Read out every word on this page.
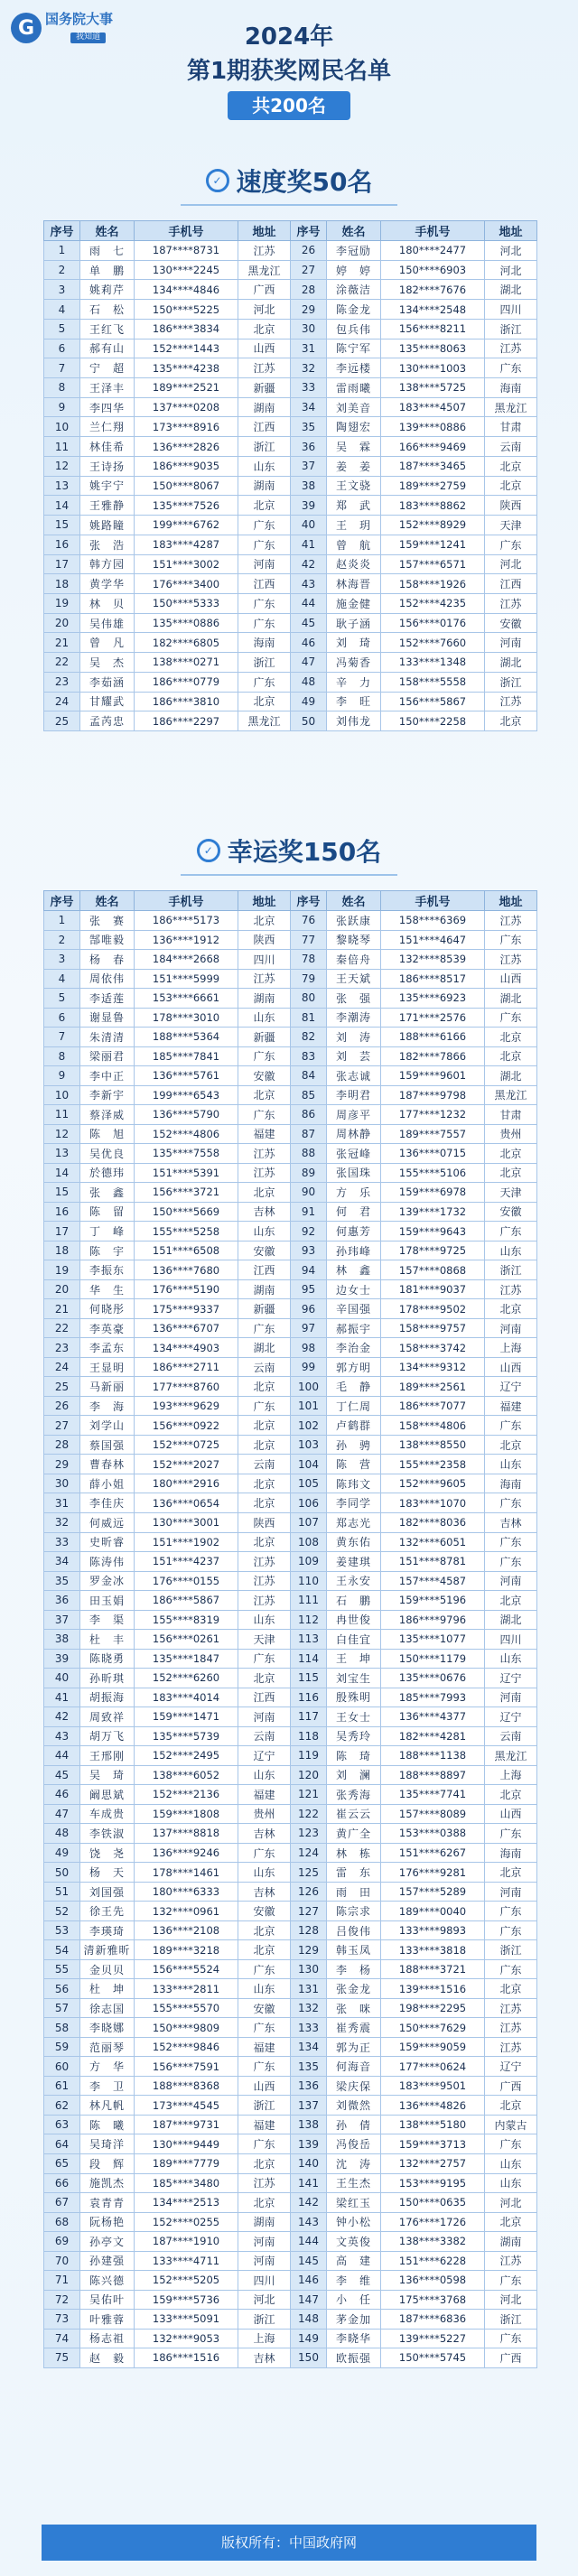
G 国务院大事
我知道	2024年
第1期获奖网民名单
共200名
✓ 速度奖50名
序号	姓名	手机号	地址	序号	姓名	手机号	地址
1	雨　七	187****8731	江苏	26	李冠励	180****2477	河北
2	单　鹏	130****2245	黑龙江	27	婷　婷	150****6903	河北
3	姚莉芹	134****4846	广西	28	涂薇洁	182****7676	湖北
4	石　松	150****5225	河北	29	陈金龙	134****2548	四川
5	王红飞	186****3834	北京	30	包兵伟	156****8211	浙江
6	郝有山	152****1443	山西	31	陈宁军	135****8063	江苏
7	宁　超	135****4238	江苏	32	李远楼	130****1003	广东
8	王泽丰	189****2521	新疆	33	雷雨曦	138****5725	海南
9	李四华	137****0208	湖南	34	刘美音	183****4507	黑龙江
10	兰仁翔	173****8916	江西	35	陶翅宏	139****0886	甘肃
11	林佳希	136****2826	浙江	36	吴　霖	166****9469	云南
12	王诗扬	186****9035	山东	37	姜　姜	187****3465	北京
13	姚宇宁	150****8067	湖南	38	王文骁	189****2759	北京
14	王雅静	135****7526	北京	39	郑　武	183****8862	陕西
15	姚路瞳	199****6762	广东	40	王　玥	152****8929	天津
16	张　浩	183****4287	广东	41	曾　航	159****1241	广东
17	韩方园	151****3002	河南	42	赵炎炎	157****6571	河北
18	黄学华	176****3400	江西	43	林海晋	158****1926	江西
19	林　贝	150****5333	广东	44	施金健	152****4235	江苏
20	吴伟雄	135****0886	广东	45	耿子涵	156****0176	安徽
21	曾　凡	182****6805	海南	46	刘　琦	152****7660	河南
22	吴　杰	138****0271	浙江	47	冯菊香	133****1348	湖北
23	李茹涵	186****0779	广东	48	辛　力	158****5558	浙江
24	甘耀武	186****3810	北京	49	李　旺	156****5867	江苏
25	孟芮忠	186****2297	黑龙江	50	刘伟龙	150****2258	北京
✓ 幸运奖150名
序号	姓名	手机号	地址	序号	姓名	手机号	地址
1	张　赛	186****5173	北京	76	张跃康	158****6369	江苏
2	郜唯毅	136****1912	陕西	77	黎晓琴	151****4647	广东
3	杨　春	184****2668	四川	78	秦倍舟	132****8539	江苏
4	周依伟	151****5999	江苏	79	王天斌	186****8517	山西
5	李适莲	153****6661	湖南	80	张　强	135****6923	湖北
6	谢显鲁	178****3010	山东	81	李潮涛	171****2576	广东
7	朱清清	188****5364	新疆	82	刘　涛	188****6166	北京
8	梁丽君	185****7841	广东	83	刘　芸	182****7866	北京
9	李中正	136****5761	安徽	84	张志诚	159****9601	湖北
10	李新宇	199****6543	北京	85	李明君	187****9798	黑龙江
11	蔡泽威	136****5790	广东	86	周彦平	177****1232	甘肃
12	陈　旭	152****4806	福建	87	周林静	189****7557	贵州
13	吴优良	135****7558	江苏	88	张冠峰	136****0715	北京
14	於德玮	151****5391	江苏	89	张国珠	155****5106	北京
15	张　鑫	156****3721	北京	90	方　乐	159****6978	天津
16	陈　留	150****5669	吉林	91	何　君	139****1732	安徽
17	丁　峰	155****5258	山东	92	何惠芳	159****9643	广东
18	陈　宇	151****6508	安徽	93	孙玮峰	178****9725	山东
19	李振东	136****7680	江西	94	林　鑫	157****0868	浙江
20	华　生	176****5190	湖南	95	边女士	181****9037	江苏
21	何晓彤	175****9337	新疆	96	辛国强	178****9502	北京
22	李英豪	136****6707	广东	97	郝振宇	158****9757	河南
23	李孟东	134****4903	湖北	98	李治金	158****3742	上海
24	王显明	186****2711	云南	99	郭方明	134****9312	山西
25	马新丽	177****8760	北京	100	毛　静	189****2561	辽宁
26	李　海	193****9629	广东	101	丁仁周	186****7077	福建
27	刘学山	156****0922	北京	102	卢鹤群	158****4806	广东
28	蔡国强	152****0725	北京	103	孙　骋	138****8550	北京
29	曹春林	152****2027	云南	104	陈　营	155****2358	山东
30	薛小姐	180****2916	北京	105	陈玮文	152****9605	海南
31	李佳庆	136****0654	北京	106	李同学	183****1070	广东
32	何威远	130****3001	陕西	107	郑志光	182****8036	吉林
33	史昕睿	151****1902	北京	108	黄东佑	132****6051	广东
34	陈涛伟	151****4237	江苏	109	姜建琪	151****8781	广东
35	罗金冰	176****0155	江苏	110	王永安	157****4587	河南
36	田玉娟	186****5867	江苏	111	石　鹏	159****5196	北京
37	李　渠	155****8319	山东	112	冉世俊	186****9796	湖北
38	杜　丰	156****0261	天津	113	白佳宜	135****1077	四川
39	陈晓勇	135****1847	广东	114	王　坤	150****1179	山东
40	孙昕琪	152****6260	北京	115	刘宝生	135****0676	辽宁
41	胡振海	183****4014	江西	116	殷殊明	185****7993	河南
42	周致祥	159****1471	河南	117	王女士	136****4377	辽宁
43	胡万飞	135****5739	云南	118	吴秀玲	182****4281	云南
44	王邢刚	152****2495	辽宁	119	陈　琦	188****1138	黑龙江
45	吴　琦	138****6052	山东	120	刘　澜	188****8897	上海
46	阚思斌	152****2136	福建	121	张秀海	135****7741	北京
47	车成贵	159****1808	贵州	122	崔云云	157****8089	山西
48	李铁淑	137****8818	吉林	123	黄广全	153****0388	广东
49	饶　尧	136****9246	广东	124	林　栋	151****6267	海南
50	杨　天	178****1461	山东	125	雷　东	176****9281	北京
51	刘国强	180****6333	吉林	126	雨　田	157****5289	河南
52	徐王先	132****0961	安徽	127	陈宗求	189****0040	广东
53	李瑛琦	136****2108	北京	128	吕俊伟	133****9893	广东
54	清新雅昕	189****3218	北京	129	韩玉凤	133****3818	浙江
55	金贝贝	156****5524	广东	130	李　杨	188****3721	广东
56	杜　坤	133****2811	山东	131	张金龙	139****1516	北京
57	徐志国	155****5570	安徽	132	张　咪	198****2295	江苏
58	李晓娜	150****9809	广东	133	崔秀震	150****7629	江苏
59	范丽琴	152****9846	福建	134	郭为正	159****9059	江苏
60	方　华	156****7591	广东	135	何海音	177****0624	辽宁
61	李　卫	188****8368	山西	136	梁庆保	183****9501	广西
62	林凡帆	173****4545	浙江	137	刘微然	136****4826	北京
63	陈　曦	187****9731	福建	138	孙　倩	138****5180	内蒙古
64	吴琦洋	130****9449	广东	139	冯俊岳	159****3713	广东
65	段　辉	189****7779	北京	140	沈　涛	132****2757	山东
66	施凯杰	185****3480	江苏	141	王生杰	153****9195	山东
67	袁青青	134****2513	北京	142	梁红玉	150****0635	河北
68	阮杨艳	152****0255	湖南	143	钟小松	176****1726	北京
69	孙亭文	187****1910	河南	144	文英俊	138****3382	湖南
70	孙建强	133****4711	河南	145	高　建	151****6228	江苏
71	陈兴德	152****5205	四川	146	李　维	136****0598	广东
72	吴佑叶	159****5736	河北	147	小　任	175****3768	河北
73	叶雅蓉	133****5091	浙江	148	茅金加	187****6836	浙江
74	杨志祖	132****9053	上海	149	李晓华	139****5227	广东
75	赵　毅	186****1516	吉林	150	欧振强	150****5745	广西
版权所有：中国政府网
